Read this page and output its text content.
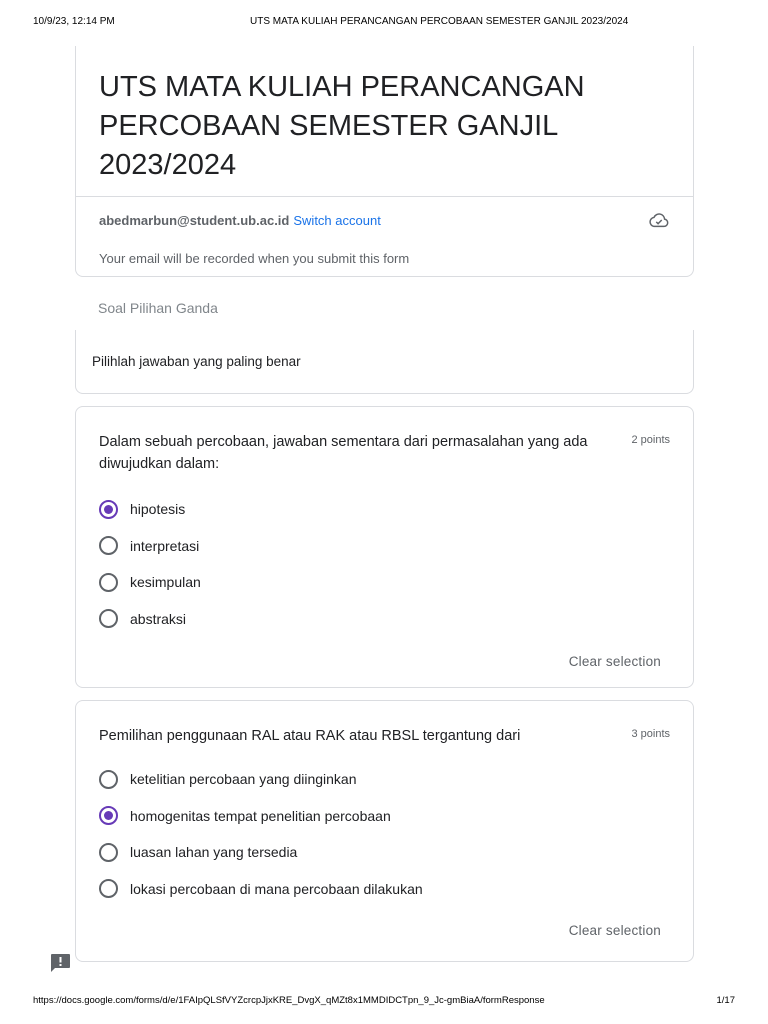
10/9/23, 12:14 PM	UTS MATA KULIAH PERANCANGAN PERCOBAAN SEMESTER GANJIL 2023/2024
UTS MATA KULIAH PERANCANGAN PERCOBAAN SEMESTER GANJIL 2023/2024
abedmarbun@student.ub.ac.id Switch account
Your email will be recorded when you submit this form
Soal Pilihan Ganda
Pilihlah jawaban yang paling benar
Dalam sebuah percobaan, jawaban sementara dari permasalahan yang ada diwujudkan dalam:
2 points
hipotesis
interpretasi
kesimpulan
abstraksi
Clear selection
Pemilihan penggunaan RAL atau RAK atau RBSL tergantung dari	3 points
ketelitian percobaan yang diinginkan
homogenitas tempat penelitian percobaan
luasan lahan yang tersedia
lokasi percobaan di mana percobaan dilakukan
Clear selection
https://docs.google.com/forms/d/e/1FAIpQLSfVYZcrcpJjxKRE_DvgX_qMZt8x1MMDIDCTpn_9_Jc-gmBiaA/formResponse	1/17
